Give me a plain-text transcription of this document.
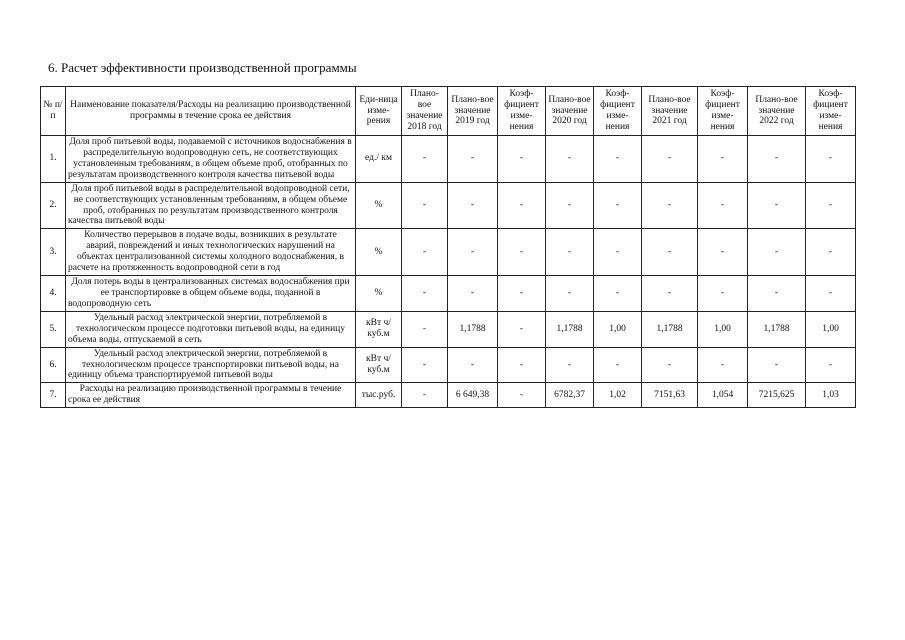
6. Расчет эффективности производственной программы
№ п/п	Наименование показателя/Расходы на реализацию производственной программы в течение срока ее действия	Еди-ница изме-рения	Плано-вое значение 2018 год	Плано-вое значение 2019 год	Коэф-фициент изме-нения	Плано-вое значение 2020 год	Коэф-фициент изме-нения	Плано-вое значение 2021 год	Коэф-фициент изме-нения	Плано-вое значение 2022 год	Коэф-фициент изме-нения
1.	Доля проб питьевой воды, подаваемой с источников водоснабжения в распределительную водопроводную сеть, не соответствующих установленным требованиям, в общем объеме проб, отобранных по результатам производственного контроля качества питьевой воды	ед./ км	-	-	-	-	-	-	-	-	-
2.	Доля проб питьевой воды в распределительной водопроводной сети, не соответствующих установленным требованиям, в общем объеме проб, отобранных по результатам производственного контроля качества питьевой воды	%	-	-	-	-	-	-	-	-	-
3.	Количество перерывов в подаче воды, возникших в результате аварий, повреждений и иных технологических нарушений на объектах централизованной системы холодного водоснабжения, в расчете на протяженность водопроводной сети в год	%	-	-	-	-	-	-	-	-	-
4.	Доля потерь воды в централизованных системах водоснабжения при ее транспортировке в общем объеме воды, поданной в водопроводную сеть	%	-	-	-	-	-	-	-	-	-
5.	Удельный расход электрической энергии, потребляемой в технологическом процессе подготовки питьевой воды, на единицу объема воды, отпускаемой в сеть	кВт ч/куб.м	-	1,1788	-	1,1788	1,00	1,1788	1,00	1,1788	1,00
6.	Удельный расход электрической энергии, потребляемой в технологическом процессе транспортировки питьевой воды, на единицу объема транспортируемой питьевой воды	кВт ч/куб.м	-	-	-	-	-	-	-	-	-
7.	Расходы на реализацию производственной программы в течение срока ее действия	тыс.руб.	-	6 649,38	-	6782,37	1,02	7151,63	1,054	7215,625	1,03
